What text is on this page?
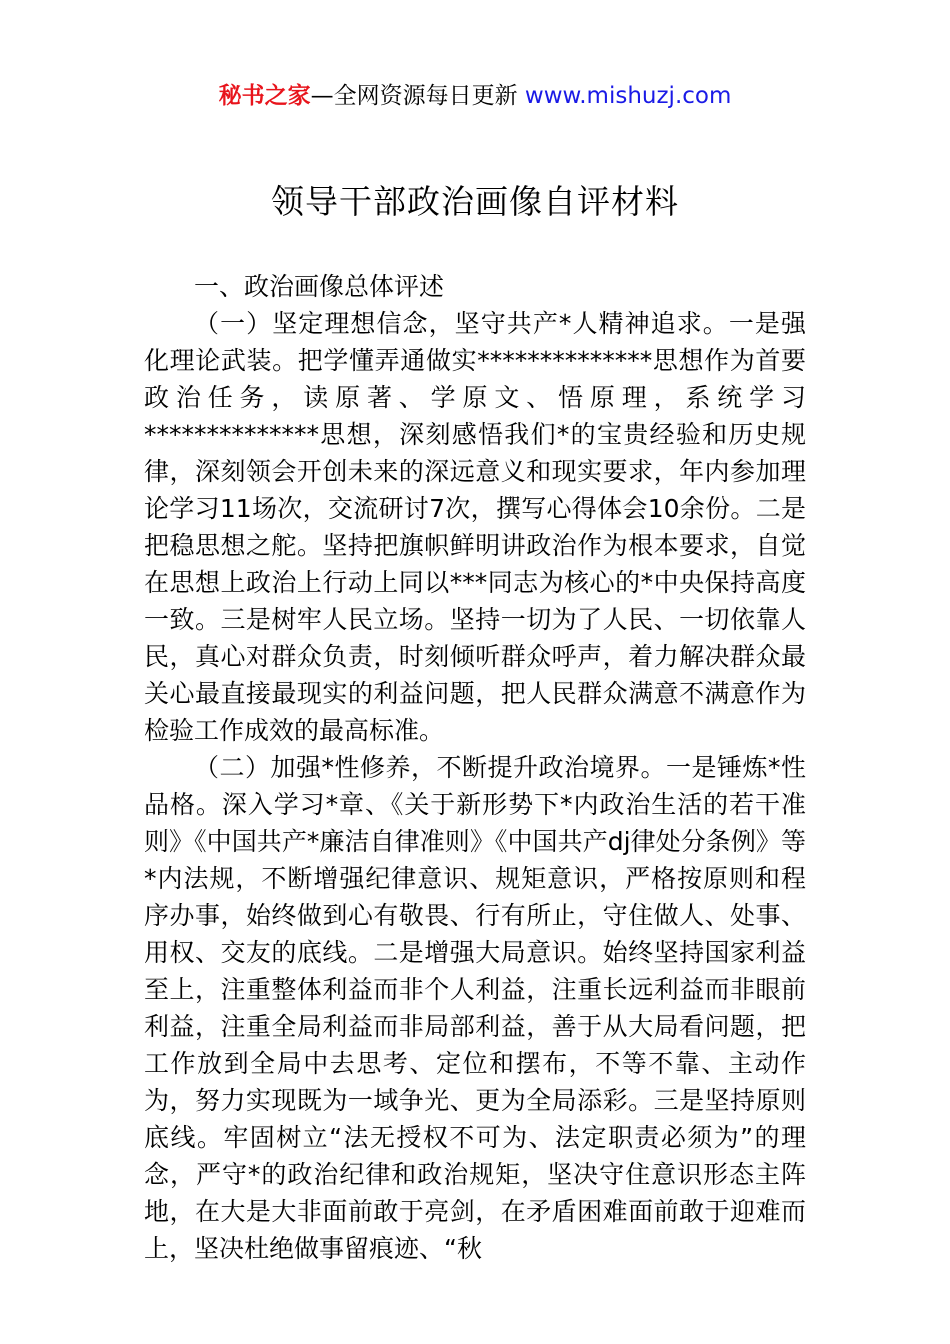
秘书之家—全网资源每日更新 www.mishuzj.com
领导干部政治画像自评材料

一、政治画像总体评述

（一）坚定理想信念，坚守共产*人精神追求。一是强化理论武装。把学懂弄通做实**************思想作为首要政治任务，读原著、学原文、悟原理，系统学习**************思想，深刻感悟我们*的宝贵经验和历史规律，深刻领会开创未来的深远意义和现实要求，年内参加理论学习11场次，交流研讨7次，撰写心得体会10余份。二是把稳思想之舵。坚持把旗帜鲜明讲政治作为根本要求，自觉在思想上政治上行动上同以***同志为核心的*中央保持高度一致。三是树牢人民立场。坚持一切为了人民、一切依靠人民，真心对群众负责，时刻倾听群众呼声，着力解决群众最关心最直接最现实的利益问题，把人民群众满意不满意作为检验工作成效的最高标准。

（二）加强*性修养，不断提升政治境界。一是锤炼*性品格。深入学习*章、《关于新形势下*内政治生活的若干准则》《中国共产*廉洁自律准则》《中国共产dj律处分条例》等*内法规，不断增强纪律意识、规矩意识，严格按原则和程序办事，始终做到心有敬畏、行有所止，守住做人、处事、用权、交友的底线。二是增强大局意识。始终坚持国家利益至上，注重整体利益而非个人利益，注重长远利益而非眼前利益，注重全局利益而非局部利益，善于从大局看问题，把工作放到全局中去思考、定位和摆布，不等不靠、主动作为，努力实现既为一域争光、更为全局添彩。三是坚持原则底线。牢固树立“法无授权不可为、法定职责必须为”的理念，严守*的政治纪律和政治规矩，坚决守住意识形态主阵地，在大是大非面前敢于亮剑，在矛盾困难面前敢于迎难而上，坚决杜绝做事留痕迹、“秋
